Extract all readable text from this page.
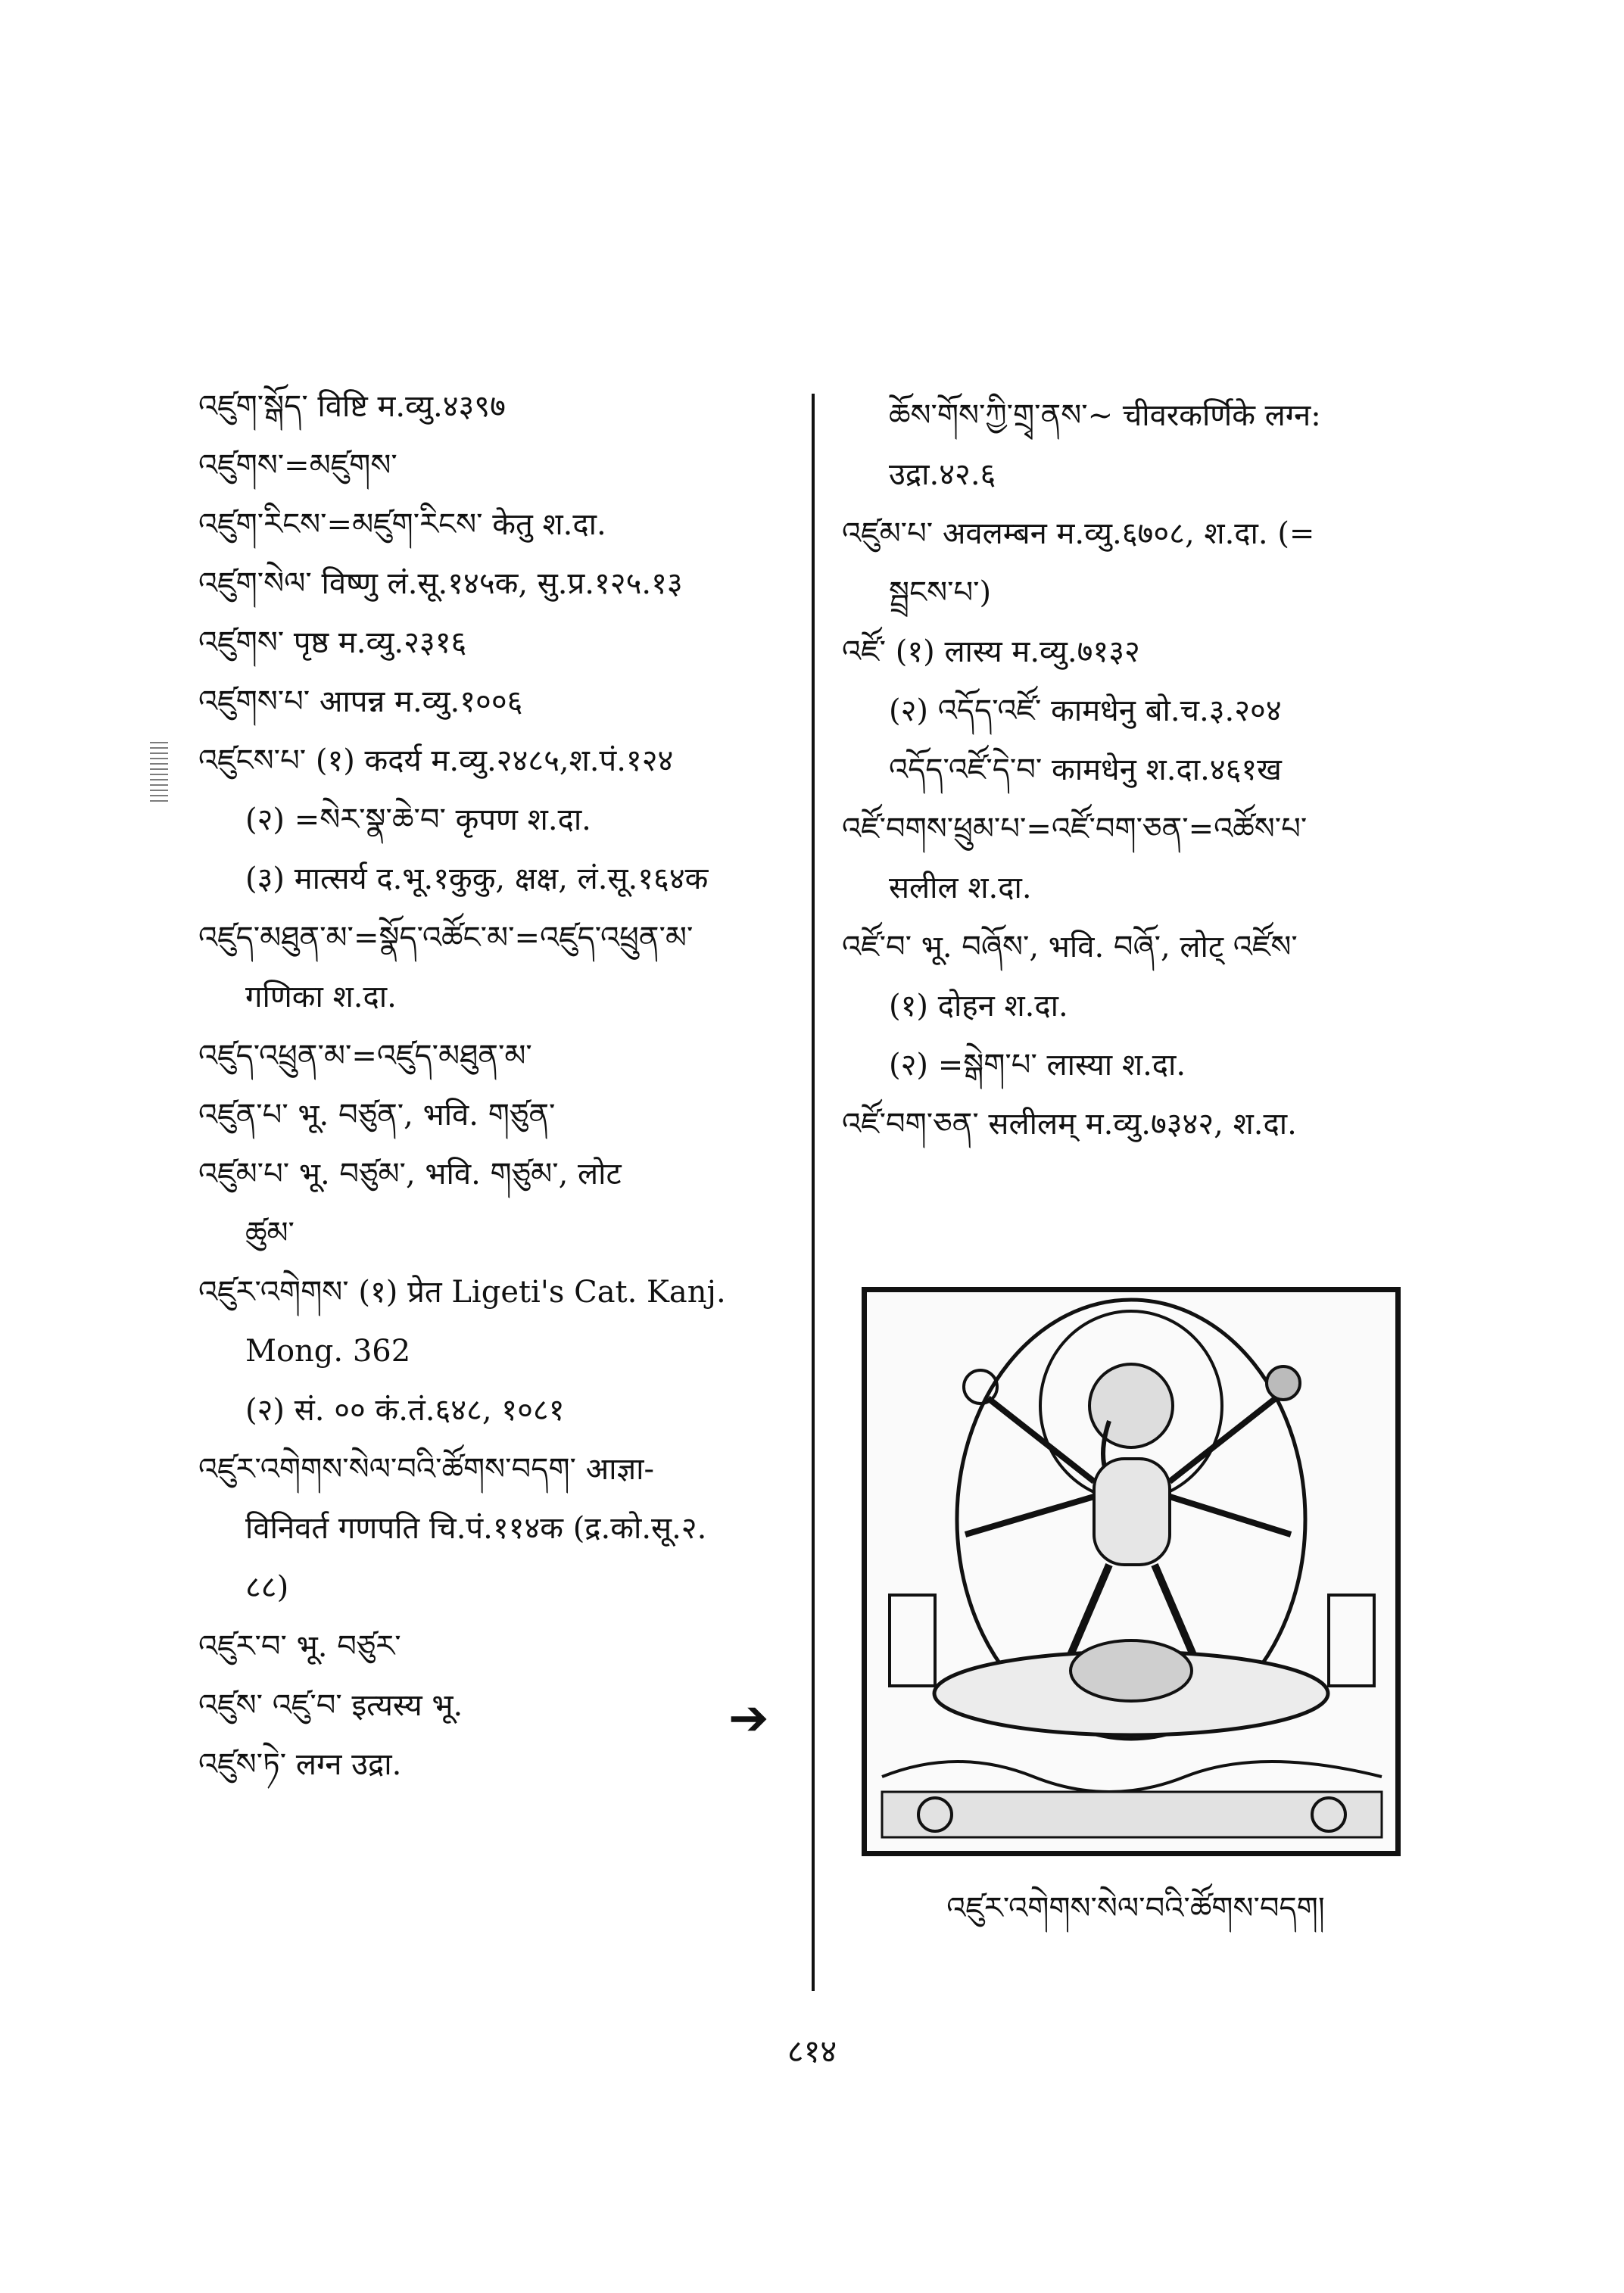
འཛུག་སྒོད་ विष्टि म.व्यु.४३९७
འཛུགས་=མཛུགས་
འཛུག་རིངས་=མཛུག་རིངས་ केतु श.दा.
འཛུག་སེལ་ विष्णु लं.सू.१४५क, सु.प्र.१२५.१३
འཛུགས་ पृष्ठ म.व्यु.२३१६
འཛུགས་པ་ आपन्न म.व्यु.१००६
འཛུངས་པ་ (१) कदर्य म.व्यु.२४८५,श.पं.१२४
(२) =སེར་སྣ་ཆེ་བ་ कृपण श.दा.
(३) मात्सर्य द.भू.१कुकु, क्षक्ष, लं.सू.१६४क
འཛུད་མཐུན་མ་=སྣོད་འཚོང་མ་=འཛུད་འཕྲུན་མ་
गणिका श.दा.
འཛུད་འཕྲུན་མ་=འཛུད་མཐུན་མ་
འཛུན་པ་ भू. བཙུན་, भवि. གཙུན་
འཛུམ་པ་ भू. བཙུམ་, भवि. གཙུམ་, लोट
ཚུམ་
འཛུར་འགེགས་ (१) प्रेत Ligeti's Cat. Kanj.
Mong. 362
(२) सं. ०० कं.तं.६४८, १०८१
འཛུར་འགེགས་སེལ་བའི་ཚོགས་བདག་ आज्ञा-
विनिवर्त गणपति चि.पं.११४क (द्र.को.सू.२.
८८)
འཛུར་བ་ भू. བཙུར་
འཛུས་ འཛུ་བ་ इत्यस्य भू.
འཛུས་ཏེ་ लग्न उद्रा.
ཆོས་གོས་ཀྱི་གྲྭ་ནས་~ चीवरकर्णिके लग्न:
उद्रा.४२.६
འཛུམ་པ་ अवलम्बन म.व्यु.६७०८, श.दा. (=
སྦྲངས་པ་)
འཛོ་ (१) लास्य म.व्यु.७१३२
(२) འདོད་འཛོ་ कामधेनु बो.च.३.२०४
འདོད་འཛོ་དེ་བ་ कामधेनु श.दा.४६१ख
འཛོ་བགས་ཕྲུམ་པ་=འཛོ་བག་ཅན་=འཚོས་པ་
सलील श.दा.
འཛོ་བ་ भू. བཞོས་, भवि. བཞོ་, लोट् འཛོས་
(१) दोहन श.दा.
(२) =སྒེག་པ་ लास्या श.दा.
འཛོ་བག་ཅན་ सलीलम् म.व्यु.७३४२, श.दा.
➔
འཛུར་འགེགས་སེལ་བའི་ཚོགས་བདག།
८१४
